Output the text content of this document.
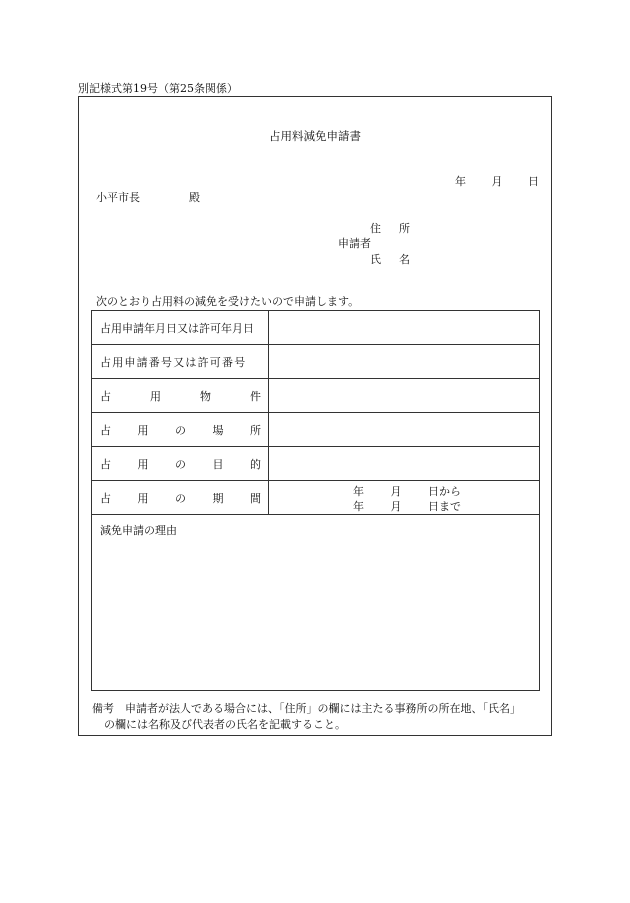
別記様式第19号（第25条関係）
占用料減免申請書
年 月 日
小平市長	殿
住 所
申請者
氏 名
次のとおり占用料の減免を受けたいので申請します。
占用申請年月日又は許可年月日
占用申請番号又は許可番号
占	用	物	件
占 用 の 場 所
占 用 の 目 的
占 用 の 期 間	年 月 日から
年 月 日まで
減免申請の理由
備考　申請者が法人である場合には、「住所」の欄には主たる事務所の所在地、「氏名」
の欄には名称及び代表者の氏名を記載すること。
